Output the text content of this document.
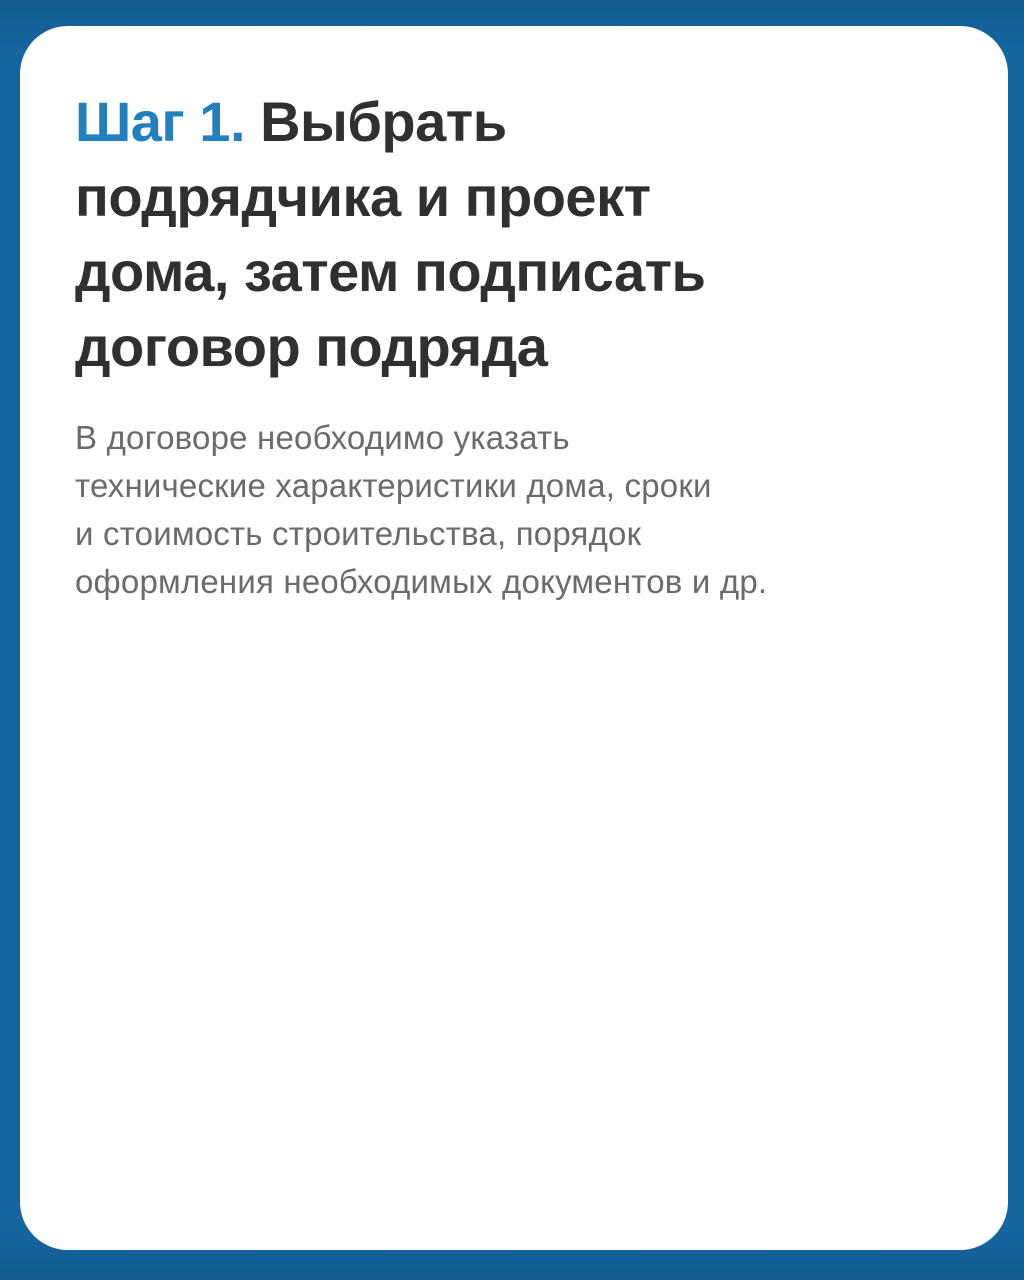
Шаг 1. Выбрать
подрядчика и проект
дома, затем подписать
договор подряда

В договоре необходимо указать
технические характеристики дома, сроки
и стоимость строительства, порядок
оформления необходимых документов и др.
